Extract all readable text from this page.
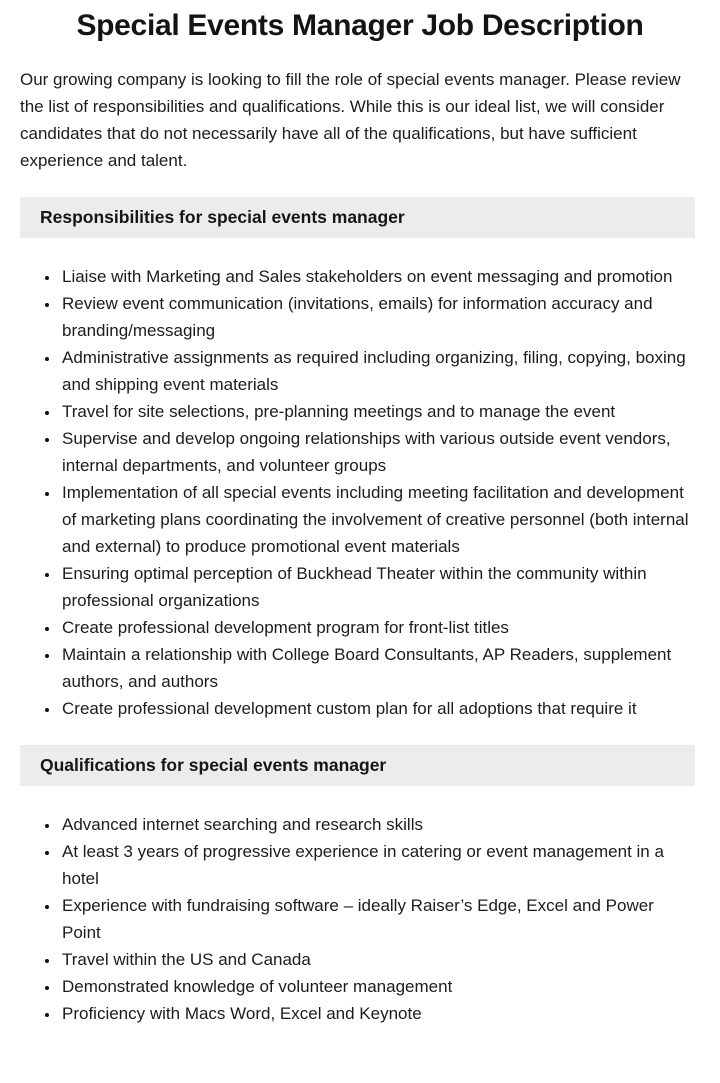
Special Events Manager Job Description

Our growing company is looking to fill the role of special events manager. Please review the list of responsibilities and qualifications. While this is our ideal list, we will consider candidates that do not necessarily have all of the qualifications, but have sufficient experience and talent.

Responsibilities for special events manager
• Liaise with Marketing and Sales stakeholders on event messaging and promotion
• Review event communication (invitations, emails) for information accuracy and branding/messaging
• Administrative assignments as required including organizing, filing, copying, boxing and shipping event materials
• Travel for site selections, pre-planning meetings and to manage the event
• Supervise and develop ongoing relationships with various outside event vendors, internal departments, and volunteer groups
• Implementation of all special events including meeting facilitation and development of marketing plans coordinating the involvement of creative personnel (both internal and external) to produce promotional event materials
• Ensuring optimal perception of Buckhead Theater within the community within professional organizations
• Create professional development program for front-list titles
• Maintain a relationship with College Board Consultants, AP Readers, supplement authors, and authors
• Create professional development custom plan for all adoptions that require it
Qualifications for special events manager
• Advanced internet searching and research skills
• At least 3 years of progressive experience in catering or event management in a hotel
• Experience with fundraising software – ideally Raiser’s Edge, Excel and Power Point
• Travel within the US and Canada
• Demonstrated knowledge of volunteer management
• Proficiency with Macs Word, Excel and Keynote
